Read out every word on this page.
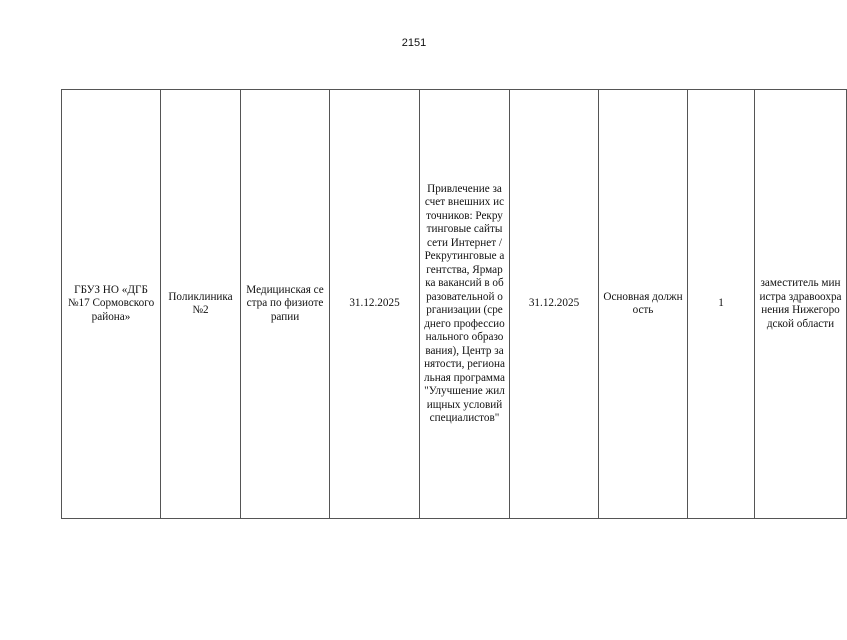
2151
ГБУЗ НО «ДГБ №17 Сормовского района»	Поликлиника №2	Медицинская сестра по физиотерапии	31.12.2025	Привлечение за счет внешних источников: Рекрутинговые сайты сети Интернет / Рекрутинговые агентства, Ярмарка вакансий в образовательной организации (среднего профессионального образования), Центр занятости, региональная программа "Улучшение жилищных условий специалистов"	31.12.2025	Основная должность	1	заместитель министра здравоохранения Нижегородской области
